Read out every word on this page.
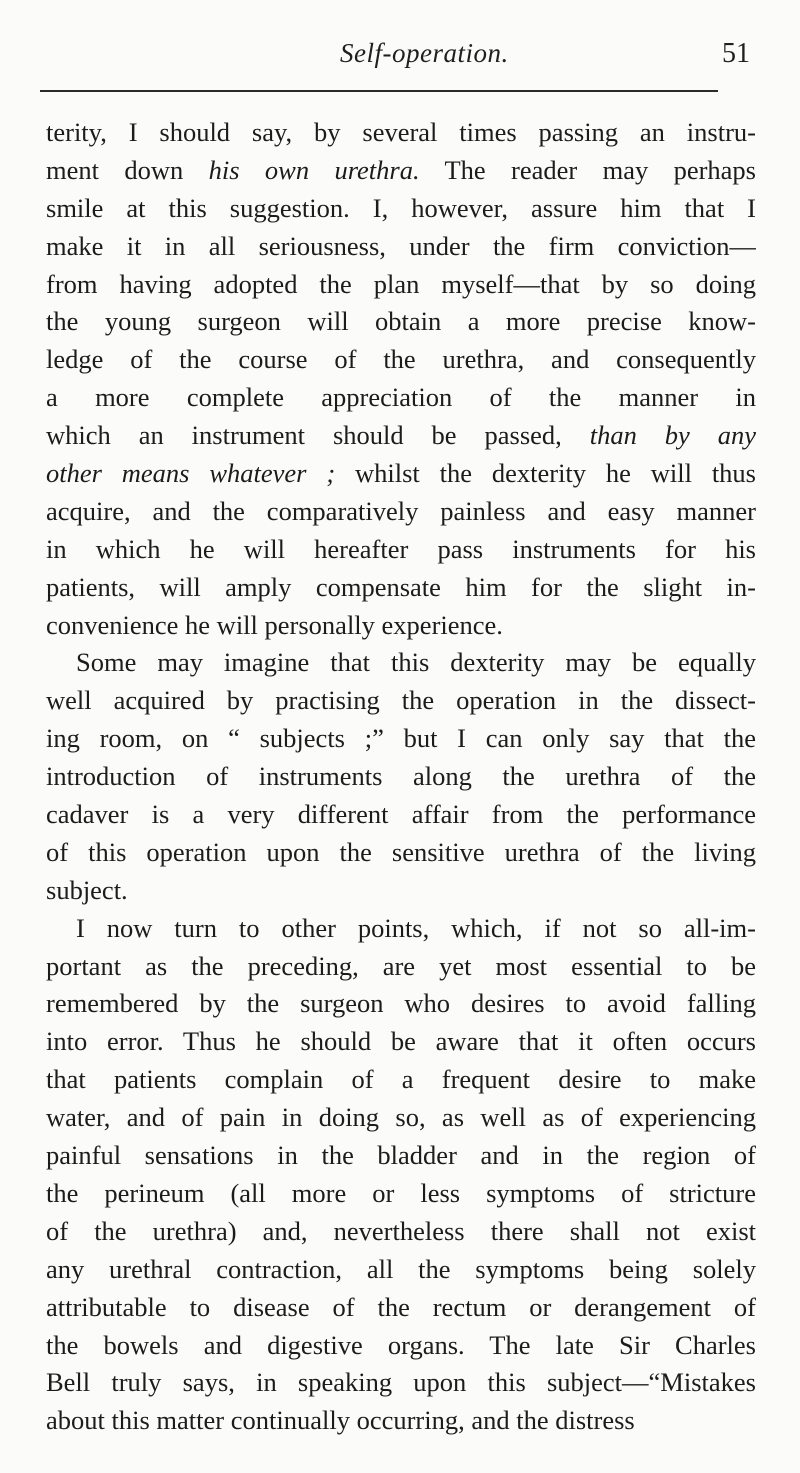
Self-operation.	51
terity, I should say, by several times passing an instru-
ment down his own urethra. The reader may perhaps
smile at this suggestion. I, however, assure him that I
make it in all seriousness, under the firm conviction—
from having adopted the plan myself—that by so doing
the young surgeon will obtain a more precise know-
ledge of the course of the urethra, and consequently
a more complete appreciation of the manner in
which an instrument should be passed, than by any
other means whatever ; whilst the dexterity he will thus
acquire, and the comparatively painless and easy manner
in which he will hereafter pass instruments for his
patients, will amply compensate him for the slight in-
convenience he will personally experience.
Some may imagine that this dexterity may be equally
well acquired by practising the operation in the dissect-
ing room, on “ subjects ;” but I can only say that the
introduction of instruments along the urethra of the
cadaver is a very different affair from the performance
of this operation upon the sensitive urethra of the living
subject.
I now turn to other points, which, if not so all-im-
portant as the preceding, are yet most essential to be
remembered by the surgeon who desires to avoid falling
into error. Thus he should be aware that it often occurs
that patients complain of a frequent desire to make
water, and of pain in doing so, as well as of experiencing
painful sensations in the bladder and in the region of
the perineum (all more or less symptoms of stricture
of the urethra) and, nevertheless there shall not exist
any urethral contraction, all the symptoms being solely
attributable to disease of the rectum or derangement of
the bowels and digestive organs. The late Sir Charles
Bell truly says, in speaking upon this subject—“Mistakes
about this matter continually occurring, and the distress
